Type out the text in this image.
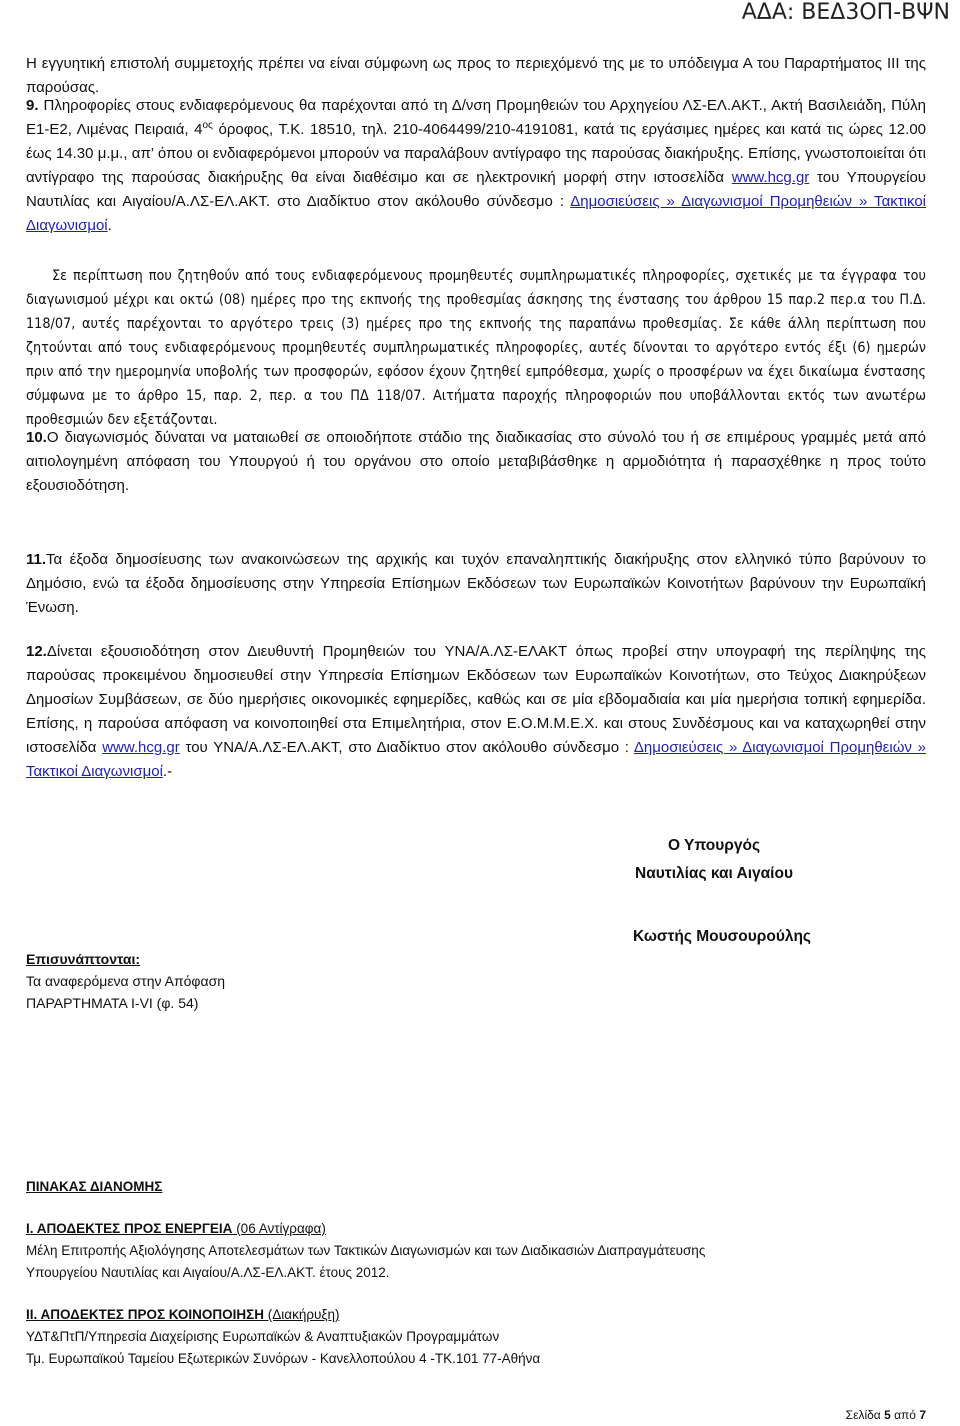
ΑΔΑ: ΒΕΔ3ΟΠ-ΒΨΝ

Η εγγυητική επιστολή συμμετοχής πρέπει να είναι σύμφωνη ως προς το περιεχόμενό της με το υπόδειγμα Α του Παραρτήματος ΙΙΙ της παρούσας.

9. Πληροφορίες στους ενδιαφερόμενους θα παρέχονται από τη Δ/νση Προμηθειών του Αρχηγείου ΛΣ-ΕΛ.ΑΚΤ., Ακτή Βασιλειάδη, Πύλη Ε1-Ε2, Λιμένας Πειραιά, $4^{o\varsigma}$ όροφος, Τ.Κ. 18510, τηλ. 210-4064499/210-4191081, κατά τις εργάσιμες ημέρες και κατά τις ώρες 12.00 έως 14.30 μ.μ., απ’ όπου οι ενδιαφερόμενοι μπορούν να παραλάβουν αντίγραφο της παρούσας διακήρυξης. Επίσης, γνωστοποιείται ότι αντίγραφο της παρούσας διακήρυξης θα είναι διαθέσιμο και σε ηλεκτρονική μορφή στην ιστοσελίδα www.hcg.gr του Υπουργείου Ναυτιλίας και Αιγαίου/Α.ΛΣ-ΕΛ.ΑΚΤ. στο Διαδίκτυο στον ακόλουθο σύνδεσμο : Δημοσιεύσεις » Διαγωνισμοί Προμηθειών » Τακτικοί Διαγωνισμοί.

Σε περίπτωση που ζητηθούν από τους ενδιαφερόμενους προμηθευτές συμπληρωματικές πληροφορίες, σχετικές με τα έγγραφα του διαγωνισμού μέχρι και οκτώ (08) ημέρες προ της εκπνοής της προθεσμίας άσκησης της ένστασης του άρθρου 15 παρ.2 περ.α του Π.Δ. 118/07, αυτές παρέχονται το αργότερο τρεις (3) ημέρες προ της εκπνοής της παραπάνω προθεσμίας. Σε κάθε άλλη περίπτωση που ζητούνται από τους ενδιαφερόμενους προμηθευτές συμπληρωματικές πληροφορίες, αυτές δίνονται το αργότερο εντός έξι (6) ημερών πριν από την ημερομηνία υποβολής των προσφορών, εφόσον έχουν ζητηθεί εμπρόθεσμα, χωρίς ο προσφέρων να έχει δικαίωμα ένστασης σύμφωνα με το άρθρο 15, παρ. 2, περ. α του ΠΔ 118/07. Αιτήματα παροχής πληροφοριών που υποβάλλονται εκτός των ανωτέρω προθεσμιών δεν εξετάζονται.

10.Ο διαγωνισμός δύναται να ματαιωθεί σε οποιοδήποτε στάδιο της διαδικασίας στο σύνολό του ή σε επιμέρους γραμμές μετά από αιτιολογημένη απόφαση του Υπουργού ή του οργάνου στο οποίο μεταβιβάσθηκε η αρμοδιότητα ή παρασχέθηκε η προς τούτο εξουσιοδότηση.

11.Τα έξοδα δημοσίευσης των ανακοινώσεων της αρχικής και τυχόν επαναληπτικής διακήρυξης στον ελληνικό τύπο βαρύνουν το Δημόσιο, ενώ τα έξοδα δημοσίευσης στην Υπηρεσία Επίσημων Εκδόσεων των Ευρωπαϊκών Κοινοτήτων βαρύνουν την Ευρωπαϊκή Ένωση.

12.Δίνεται εξουσιοδότηση στον Διευθυντή Προμηθειών του ΥΝΑ/Α.ΛΣ-ΕΛΑΚΤ όπως προβεί στην υπογραφή της περίληψης της παρούσας προκειμένου δημοσιευθεί στην Υπηρεσία Επίσημων Εκδόσεων των Ευρωπαϊκών Κοινοτήτων, στο Τεύχος Διακηρύξεων Δημοσίων Συμβάσεων, σε δύο ημερήσιες οικονομικές εφημερίδες, καθώς και σε μία εβδομαδιαία και μία ημερήσια τοπική εφημερίδα. Επίσης, η παρούσα απόφαση να κοινοποιηθεί στα Επιμελητήρια, στον Ε.Ο.Μ.Μ.Ε.Χ. και στους Συνδέσμους και να καταχωρηθεί στην ιστοσελίδα www.hcg.gr του ΥΝΑ/Α.ΛΣ-ΕΛ.ΑΚΤ, στο Διαδίκτυο στον ακόλουθο σύνδεσμο : Δημοσιεύσεις » Διαγωνισμοί Προμηθειών » Τακτικοί Διαγωνισμοί.-

Ο Υπουργός
Ναυτιλίας και Αιγαίου
Κωστής Μουσουρούλης
Επισυνάπτονται:
Τα αναφερόμενα στην Απόφαση
ΠΑΡΑΡΤΗΜΑΤΑ Ι-VI (φ. 54)
ΠΙΝΑΚΑΣ ΔΙΑΝΟΜΗΣ
Ι. ΑΠΟΔΕΚΤΕΣ ΠΡΟΣ ΕΝΕΡΓΕΙΑ (06 Αντίγραφα)
Μέλη Επιτροπής Αξιολόγησης Αποτελεσμάτων των Τακτικών Διαγωνισμών και των Διαδικασιών Διαπραγμάτευσης
Υπουργείου Ναυτιλίας και Αιγαίου/Α.ΛΣ-ΕΛ.ΑΚΤ. έτους 2012.
ΙΙ. ΑΠΟΔΕΚΤΕΣ ΠΡΟΣ ΚΟΙΝΟΠΟΙΗΣΗ (Διακήρυξη)
ΥΔΤ&ΠτΠ/Υπηρεσία Διαχείρισης Ευρωπαϊκών & Αναπτυξιακών Προγραμμάτων
Τμ. Ευρωπαϊκού Ταμείου Εξωτερικών Συνόρων - Κανελλοπούλου 4 -ΤΚ.101 77-Αθήνα
Σελίδα 5 από 7
